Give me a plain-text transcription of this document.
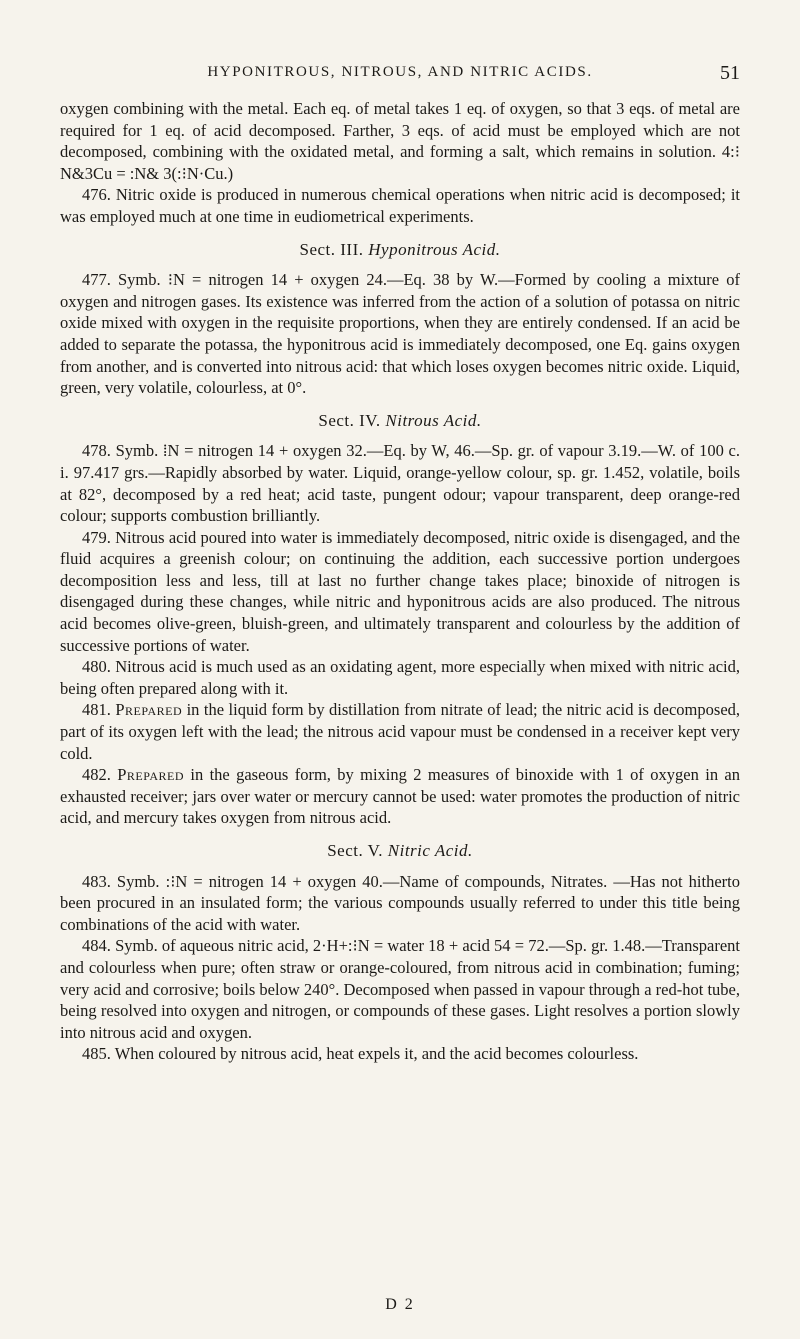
HYPONITROUS, NITROUS, AND NITRIC ACIDS.	51

oxygen combining with the metal. Each eq. of metal takes 1 eq. of oxygen, so that 3 eqs. of metal are required for 1 eq. of acid decomposed. Farther, 3 eqs. of acid must be employed which are not decomposed, combining with the oxidated metal, and forming a salt, which remains in solution. 4:⁝N&3Cu = :N& 3(:⁝N·Cu.)

476. Nitric oxide is produced in numerous chemical operations when nitric acid is decomposed; it was employed much at one time in eudiometrical experiments.

Sect. III. Hyponitrous Acid.

477. Symb. ⁝N = nitrogen 14 + oxygen 24.—Eq. 38 by W.—Formed by cooling a mixture of oxygen and nitrogen gases. Its existence was inferred from the action of a solution of potassa on nitric oxide mixed with oxygen in the requisite proportions, when they are entirely condensed. If an acid be added to separate the potassa, the hyponitrous acid is immediately decomposed, one Eq. gains oxygen from another, and is converted into nitrous acid: that which loses oxygen becomes nitric oxide. Liquid, green, very volatile, colourless, at 0°.

Sect. IV. Nitrous Acid.

478. Symb. ⁞N = nitrogen 14 + oxygen 32.—Eq. by W, 46.—Sp. gr. of vapour 3.19.—W. of 100 c. i. 97.417 grs.—Rapidly absorbed by water. Liquid, orange-yellow colour, sp. gr. 1.452, volatile, boils at 82°, decomposed by a red heat; acid taste, pungent odour; vapour transparent, deep orange-red colour; supports combustion brilliantly.

479. Nitrous acid poured into water is immediately decomposed, nitric oxide is disengaged, and the fluid acquires a greenish colour; on continuing the addition, each successive portion undergoes decomposition less and less, till at last no further change takes place; binoxide of nitrogen is disengaged during these changes, while nitric and hyponitrous acids are also produced. The nitrous acid becomes olive-green, bluish-green, and ultimately transparent and colourless by the addition of successive portions of water.

480. Nitrous acid is much used as an oxidating agent, more especially when mixed with nitric acid, being often prepared along with it.

481. Prepared in the liquid form by distillation from nitrate of lead; the nitric acid is decomposed, part of its oxygen left with the lead; the nitrous acid vapour must be condensed in a receiver kept very cold.

482. Prepared in the gaseous form, by mixing 2 measures of binoxide with 1 of oxygen in an exhausted receiver; jars over water or mercury cannot be used: water promotes the production of nitric acid, and mercury takes oxygen from nitrous acid.

Sect. V. Nitric Acid.

483. Symb. :⁝N = nitrogen 14 + oxygen 40.—Name of compounds, Nitrates. —Has not hitherto been procured in an insulated form; the various compounds usually referred to under this title being combinations of the acid with water.

484. Symb. of aqueous nitric acid, 2·H+:⁝N = water 18 + acid 54 = 72.—Sp. gr. 1.48.—Transparent and colourless when pure; often straw or orange-coloured, from nitrous acid in combination; fuming; very acid and corrosive; boils below 240°. Decomposed when passed in vapour through a red-hot tube, being resolved into oxygen and nitrogen, or compounds of these gases. Light resolves a portion slowly into nitrous acid and oxygen.

485. When coloured by nitrous acid, heat expels it, and the acid becomes colourless.

D 2
